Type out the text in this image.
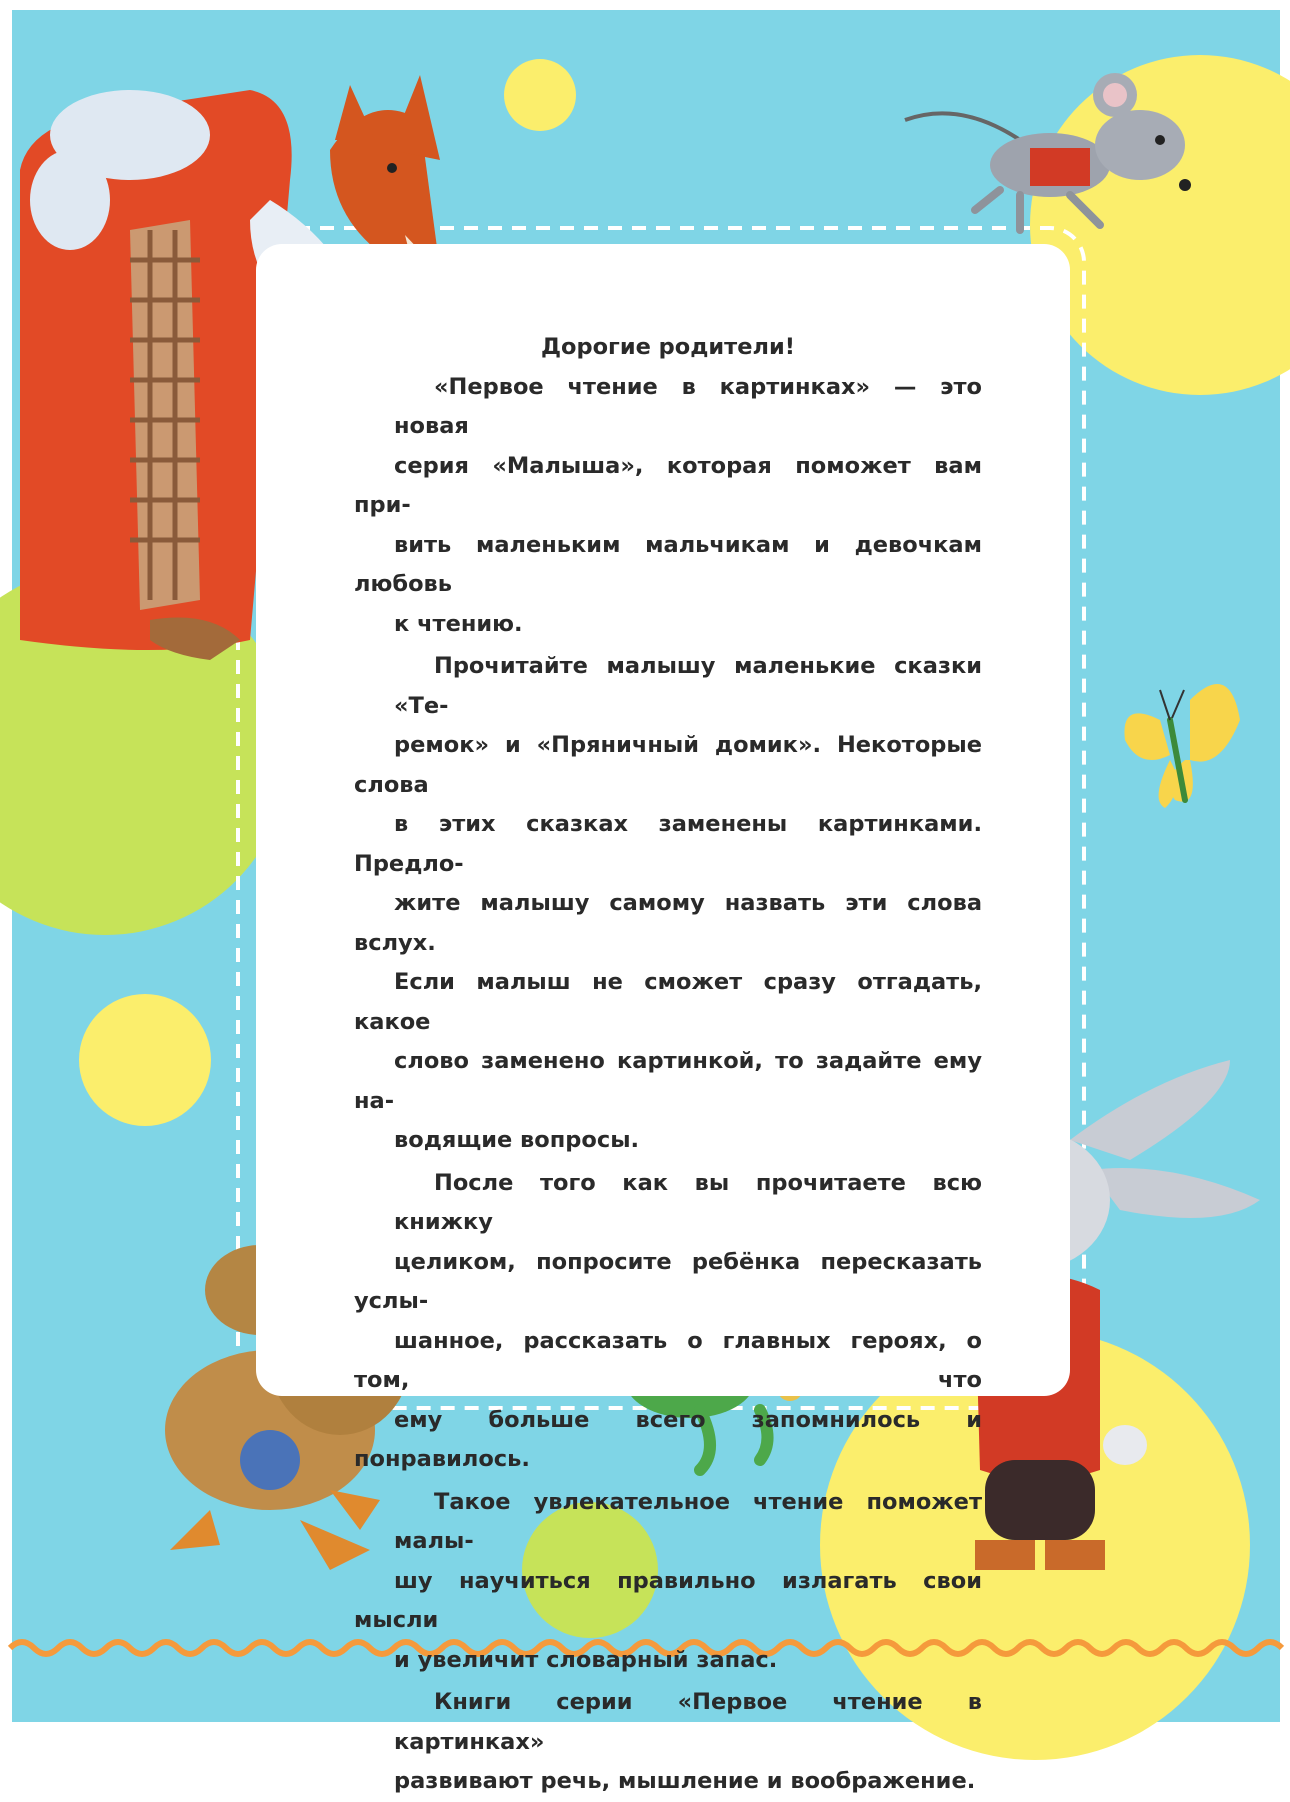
Дорогие родители!

«Первое чтение в картинках» — это новая
серия «Малыша», которая поможет вам при-
вить маленьким мальчикам и девочкам любовь
к чтению.

Прочитайте малышу маленькие сказки «Те-
ремок» и «Пряничный домик». Некоторые слова
в этих сказках заменены картинками. Предло-
жите малышу самому назвать эти слова вслух.
Если малыш не сможет сразу отгадать, какое
слово заменено картинкой, то задайте ему на-
водящие вопросы.

После того как вы прочитаете всю книжку
целиком, попросите ребёнка пересказать услы-
шанное, рассказать о главных героях, о том, что
ему больше всего запомнилось и понравилось.

Такое увлекательное чтение поможет малы-
шу научиться правильно излагать свои мысли
и увеличит словарный запас.

Книги серии «Первое чтение в картинках»
развивают речь, мышление и воображение.
